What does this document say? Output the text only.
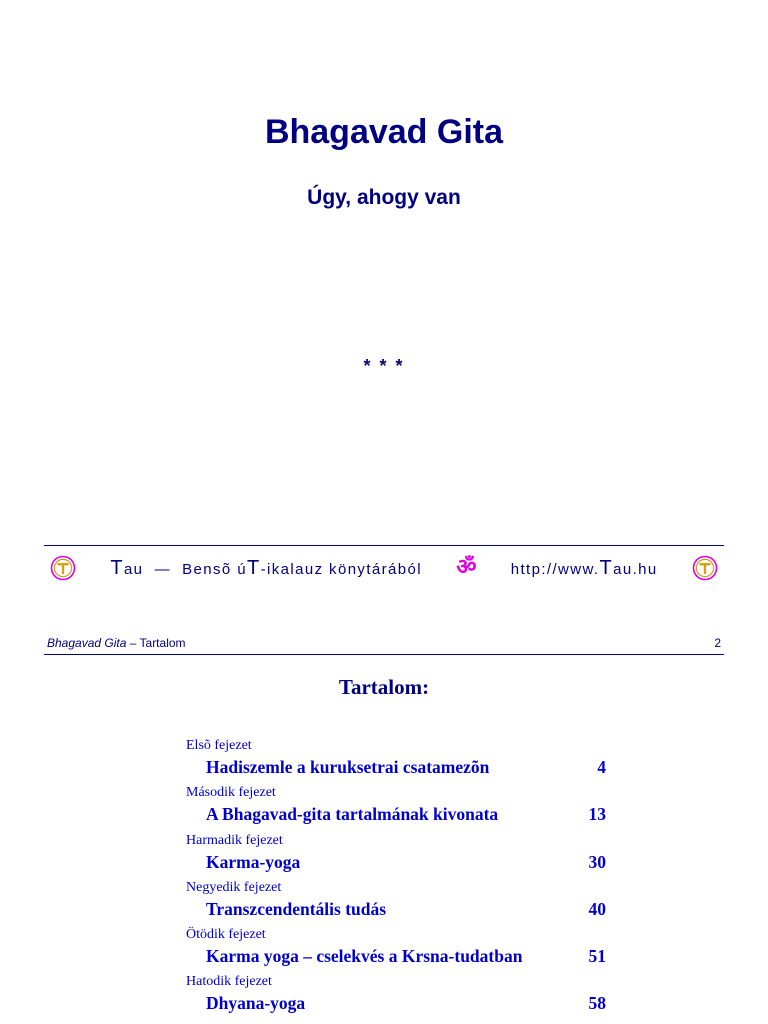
Bhagavad Gita
Úgy, ahogy van
* * *
Tau — Bensõ úT-ikalauz könytárából ॐ http://www.Tau.hu
Bhagavad Gita – Tartalom	2
Tartalom:
Elsõ fejezet
Hadiszemle a kuruksetrai csatamezõn	4
Második fejezet
A Bhagavad-gita tartalmának kivonata	13
Harmadik fejezet
Karma-yoga	30
Negyedik fejezet
Transzcendentális tudás	40
Ötödik fejezet
Karma yoga – cselekvés a Krsna-tudatban	51
Hatodik fejezet
Dhyana-yoga	58
